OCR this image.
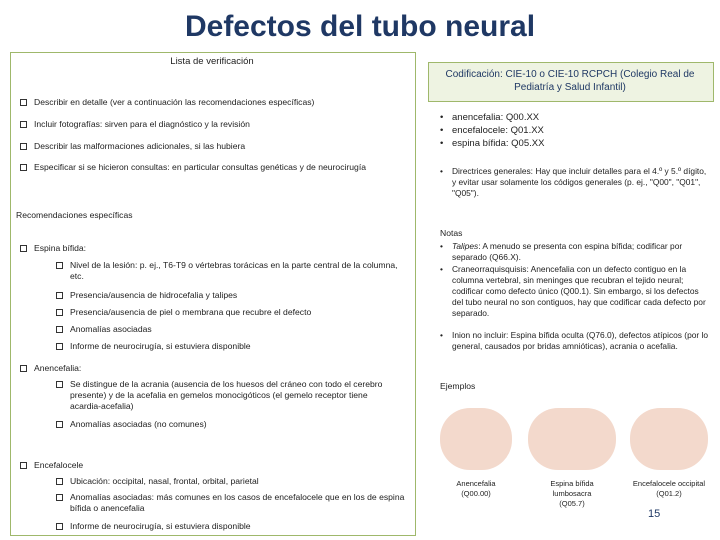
Defectos del tubo neural
Lista de verificación
Describir en detalle (ver a continuación las recomendaciones específicas)
Incluir fotografías: sirven para el diagnóstico y la revisión
Describir las malformaciones adicionales, si las hubiera
Especificar si se hicieron consultas: en particular consultas genéticas y de neurocirugía
Recomendaciones específicas
Espina bífida:
Nivel de la lesión: p. ej., T6-T9 o vértebras torácicas en la parte central de la columna, etc.
Presencia/ausencia de hidrocefalia y talipes
Presencia/ausencia de piel o membrana que recubre el defecto
Anomalías asociadas
Informe de neurocirugía, si estuviera disponible
Anencefalia:
Se distingue de la acrania (ausencia de los huesos del cráneo con todo el cerebro presente) y de la acefalia en gemelos monocigóticos (el gemelo receptor tiene acardia-acefalia)
Anomalías asociadas (no comunes)
Encefalocele
Ubicación: occipital, nasal, frontal, orbital, parietal
Anomalías asociadas: más comunes en los casos de encefalocele que en los de espina bífida o anencefalia
Informe de neurocirugía, si estuviera disponible
Codificación: CIE-10 o CIE-10 RCPCH (Colegio Real de Pediatría y Salud Infantil)
• anencefalia: Q00.XX
• encefalocele: Q01.XX
• espina bífida: Q05.XX
• Directrices generales: Hay que incluir detalles para el 4.º y 5.º dígito, y evitar usar solamente los códigos generales (p. ej., "Q00", "Q01", "Q05").
Notas
• Talipes: A menudo se presenta con espina bífida; codificar por separado (Q66.X).
• Craneorraquisquisis: Anencefalia con un defecto contiguo en la columna vertebral, sin meninges que recubran el tejido neural; codificar como defecto único (Q00.1). Sin embargo, si los defectos del tubo neural no son contiguos, hay que codificar cada defecto por separado.
• Inion no incluir: Espina bífida oculta (Q76.0), defectos atípicos (por lo general, causados por bridas amnióticas), acrania o acefalia.
Ejemplos
Anencefalia
(Q00.00)
Espina bífida lumbosacra
(Q05.7)
Encefalocele occipital
(Q01.2)
15
